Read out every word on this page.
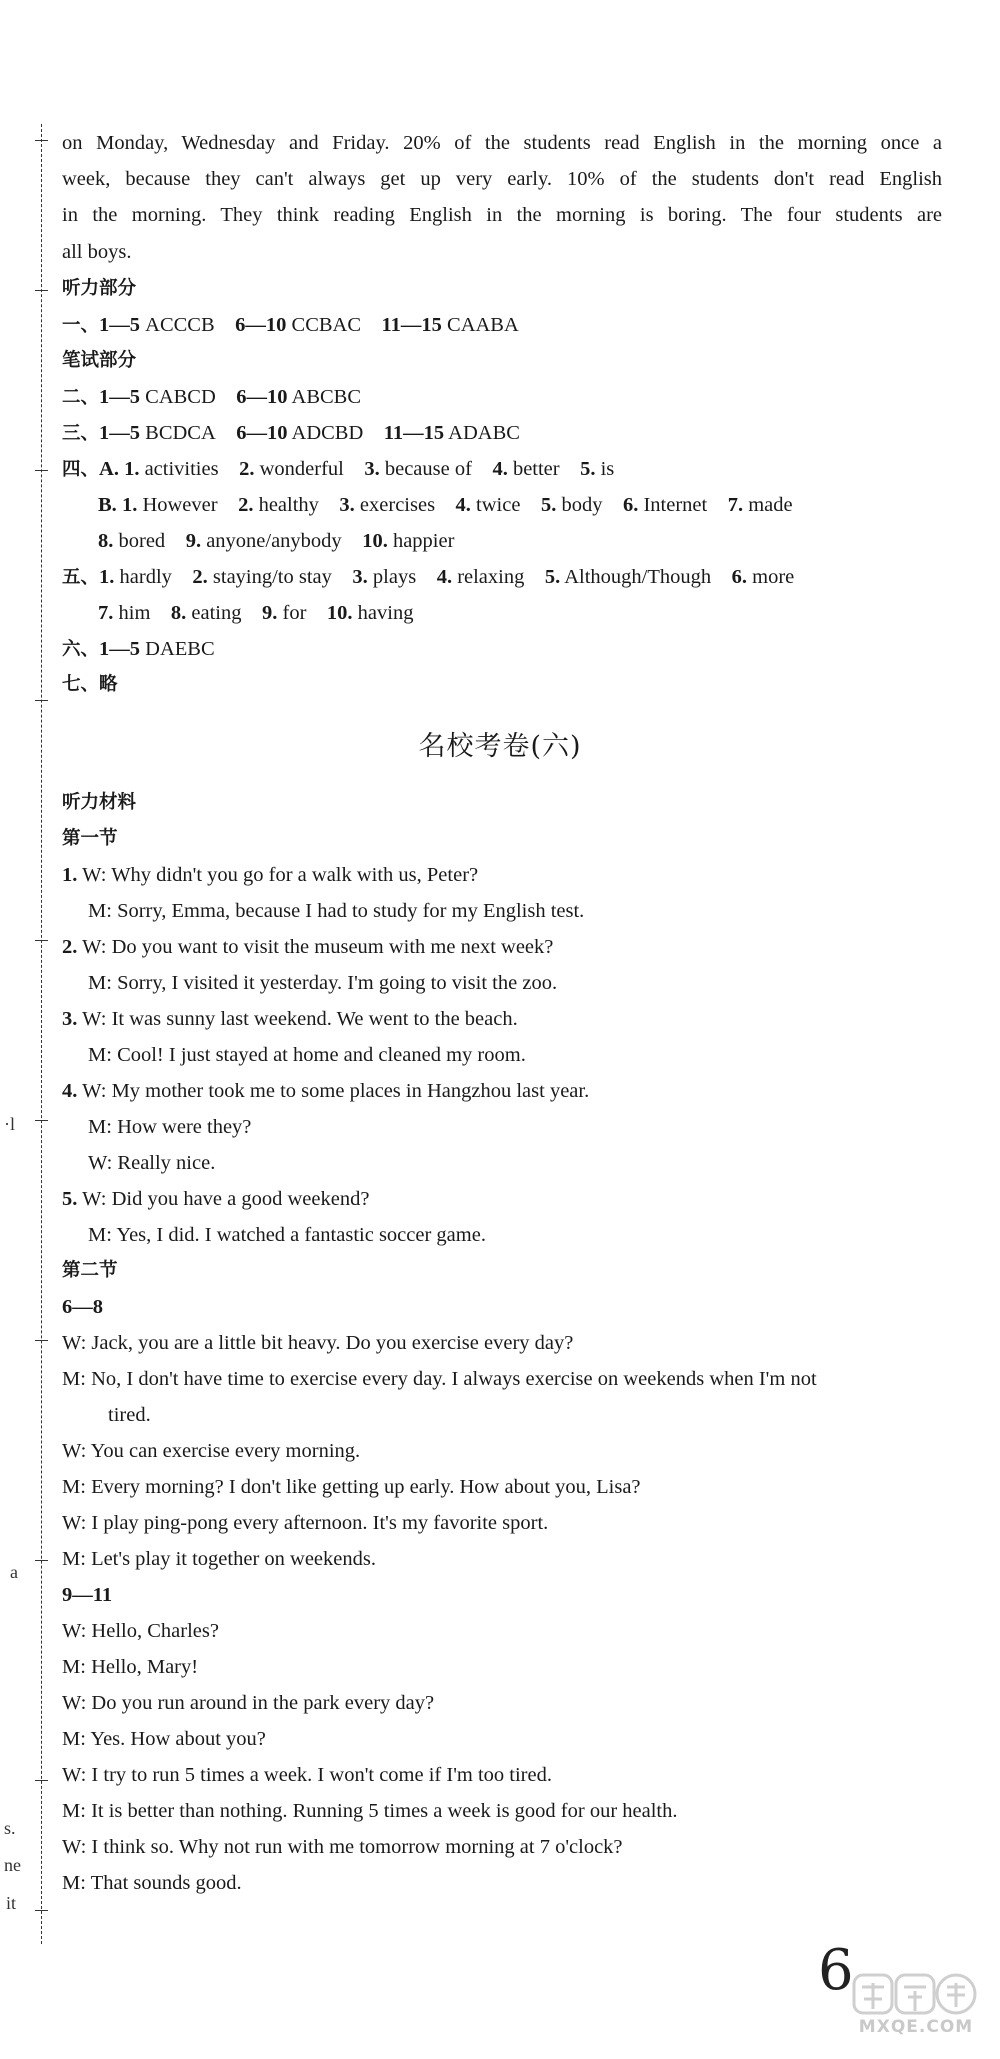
·l
a
s.
ne
it
on Monday, Wednesday and Friday. 20% of the students read English in the morning once a
week, because they can't always get up very early. 10% of the students don't read English
in the morning. They think reading English in the morning is boring. The four students are
all boys.
听力部分
一、1—5 ACCCB 6—10 CCBAC 11—15 CAABA
笔试部分
二、1—5 CABCD 6—10 ABCBC
三、1—5 BCDCA 6—10 ADCBD 11—15 ADABC
四、A. 1. activities 2. wonderful 3. because of 4. better 5. is
B. 1. However 2. healthy 3. exercises 4. twice 5. body 6. Internet 7. made
8. bored 9. anyone/anybody 10. happier
五、1. hardly 2. staying/to stay 3. plays 4. relaxing 5. Although/Though 6. more
7. him 8. eating 9. for 10. having
六、1—5 DAEBC
七、略
名校考卷(六)
听力材料
第一节
1. W: Why didn't you go for a walk with us, Peter?
M: Sorry, Emma, because I had to study for my English test.
2. W: Do you want to visit the museum with me next week?
M: Sorry, I visited it yesterday. I'm going to visit the zoo.
3. W: It was sunny last weekend. We went to the beach.
M: Cool! I just stayed at home and cleaned my room.
4. W: My mother took me to some places in Hangzhou last year.
M: How were they?
W: Really nice.
5. W: Did you have a good weekend?
M: Yes, I did. I watched a fantastic soccer game.
第二节
6—8
W: Jack, you are a little bit heavy. Do you exercise every day?
M: No, I don't have time to exercise every day. I always exercise on weekends when I'm not
tired.
W: You can exercise every morning.
M: Every morning? I don't like getting up early. How about you, Lisa?
W: I play ping-pong every afternoon. It's my favorite sport.
M: Let's play it together on weekends.
9—11
W: Hello, Charles?
M: Hello, Mary!
W: Do you run around in the park every day?
M: Yes. How about you?
W: I try to run 5 times a week. I won't come if I'm too tired.
M: It is better than nothing. Running 5 times a week is good for our health.
W: I think so. Why not run with me tomorrow morning at 7 o'clock?
M: That sounds good.
6
MXQE.COM
